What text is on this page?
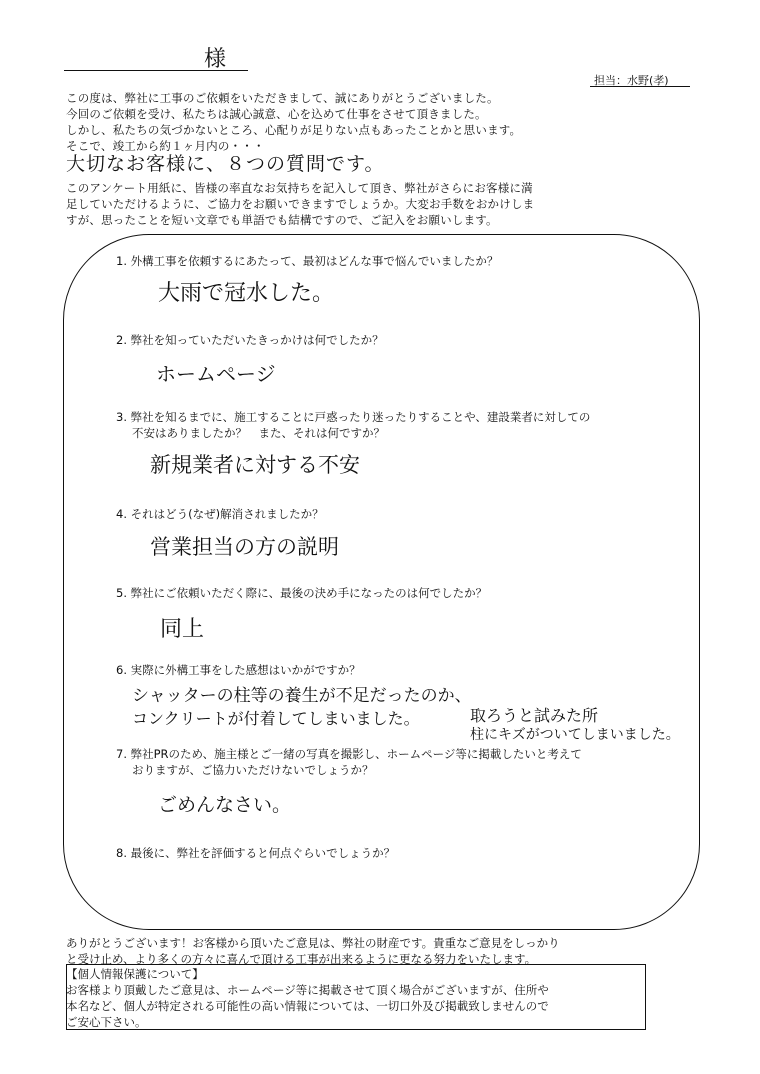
様
担当：水野(孝)
この度は、弊社に工事のご依頼をいただきまして、誠にありがとうございました。
今回のご依頼を受け、私たちは誠心誠意、心を込めて仕事をさせて頂きました。
しかし、私たちの気づかないところ、心配りが足りない点もあったことかと思います。
そこで、竣工から約１ヶ月内の・・・
大切なお客様に、８つの質問です。
このアンケート用紙に、皆様の率直なお気持ちを記入して頂き、弊社がさらにお客様に満
足していただけるように、ご協力をお願いできますでしょうか。大変お手数をおかけしま
すが、思ったことを短い文章でも単語でも結構ですので、ご記入をお願いします。
1. 外構工事を依頼するにあたって、最初はどんな事で悩んでいましたか？
大雨で冠水した。
2. 弊社を知っていただいたきっかけは何でしたか？
ホームページ
3. 弊社を知るまでに、施工することに戸惑ったり迷ったりすることや、建設業者に対しての
不安はありましたか？　また、それは何ですか？
新規業者に対する不安
4. それはどう(なぜ)解消されましたか？
営業担当の方の説明
5. 弊社にご依頼いただく際に、最後の決め手になったのは何でしたか？
同上
6. 実際に外構工事をした感想はいかがですか？
シャッターの柱等の養生が不足だったのか、
コンクリートが付着してしまいました。	取ろうと試みた所
柱にキズがついてしまいました。
7. 弊社PRのため、施主様とご一緒の写真を撮影し、ホームページ等に掲載したいと考えて
おりますが、ご協力いただけないでしょうか？
ごめんなさい。
8. 最後に、弊社を評価すると何点ぐらいでしょうか？
ありがとうございます！お客様から頂いたご意見は、弊社の財産です。貴重なご意見をしっかり
と受け止め、より多くの方々に喜んで頂ける工事が出来るように更なる努力をいたします。
【個人情報保護について】
お客様より頂戴したご意見は、ホームページ等に掲載させて頂く場合がございますが、住所や
本名など、個人が特定される可能性の高い情報については、一切口外及び掲載致しませんので
ご安心下さい。
